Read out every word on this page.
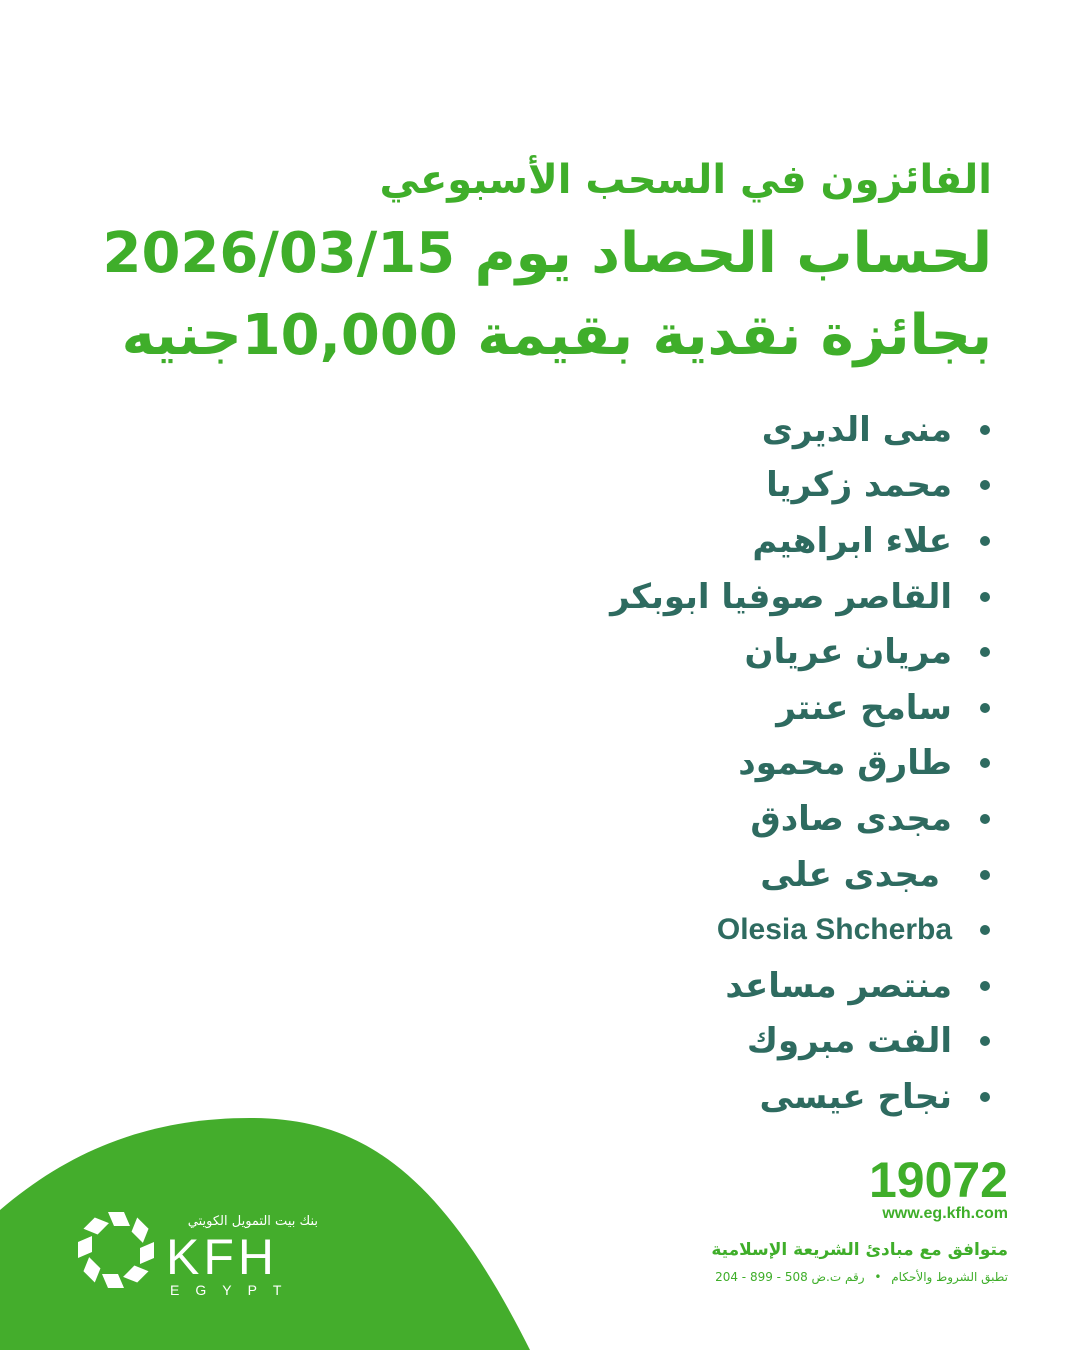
الفائزون في السحب الأسبوعي
لحساب الحصاد يوم 2026/03/15
بجائزة نقدية بقيمة 10,000جنيه
منى الديرى
محمد زكريا
علاء ابراهيم
القاصر صوفيا ابوبكر
مريان عريان
سامح عنتر
طارق محمود
مجدى صادق
مجدى على
Olesia Shcherba
منتصر مساعد
الفت مبروك
نجاح عيسى
19072
www.eg.kfh.com
متوافق مع مبادئ الشريعة الإسلامية
تطبق الشروط والأحكام • رقم ت.ض 508 - 899 - 204
بنك بيت التمويل الكويتي
KFH
EGYPT
